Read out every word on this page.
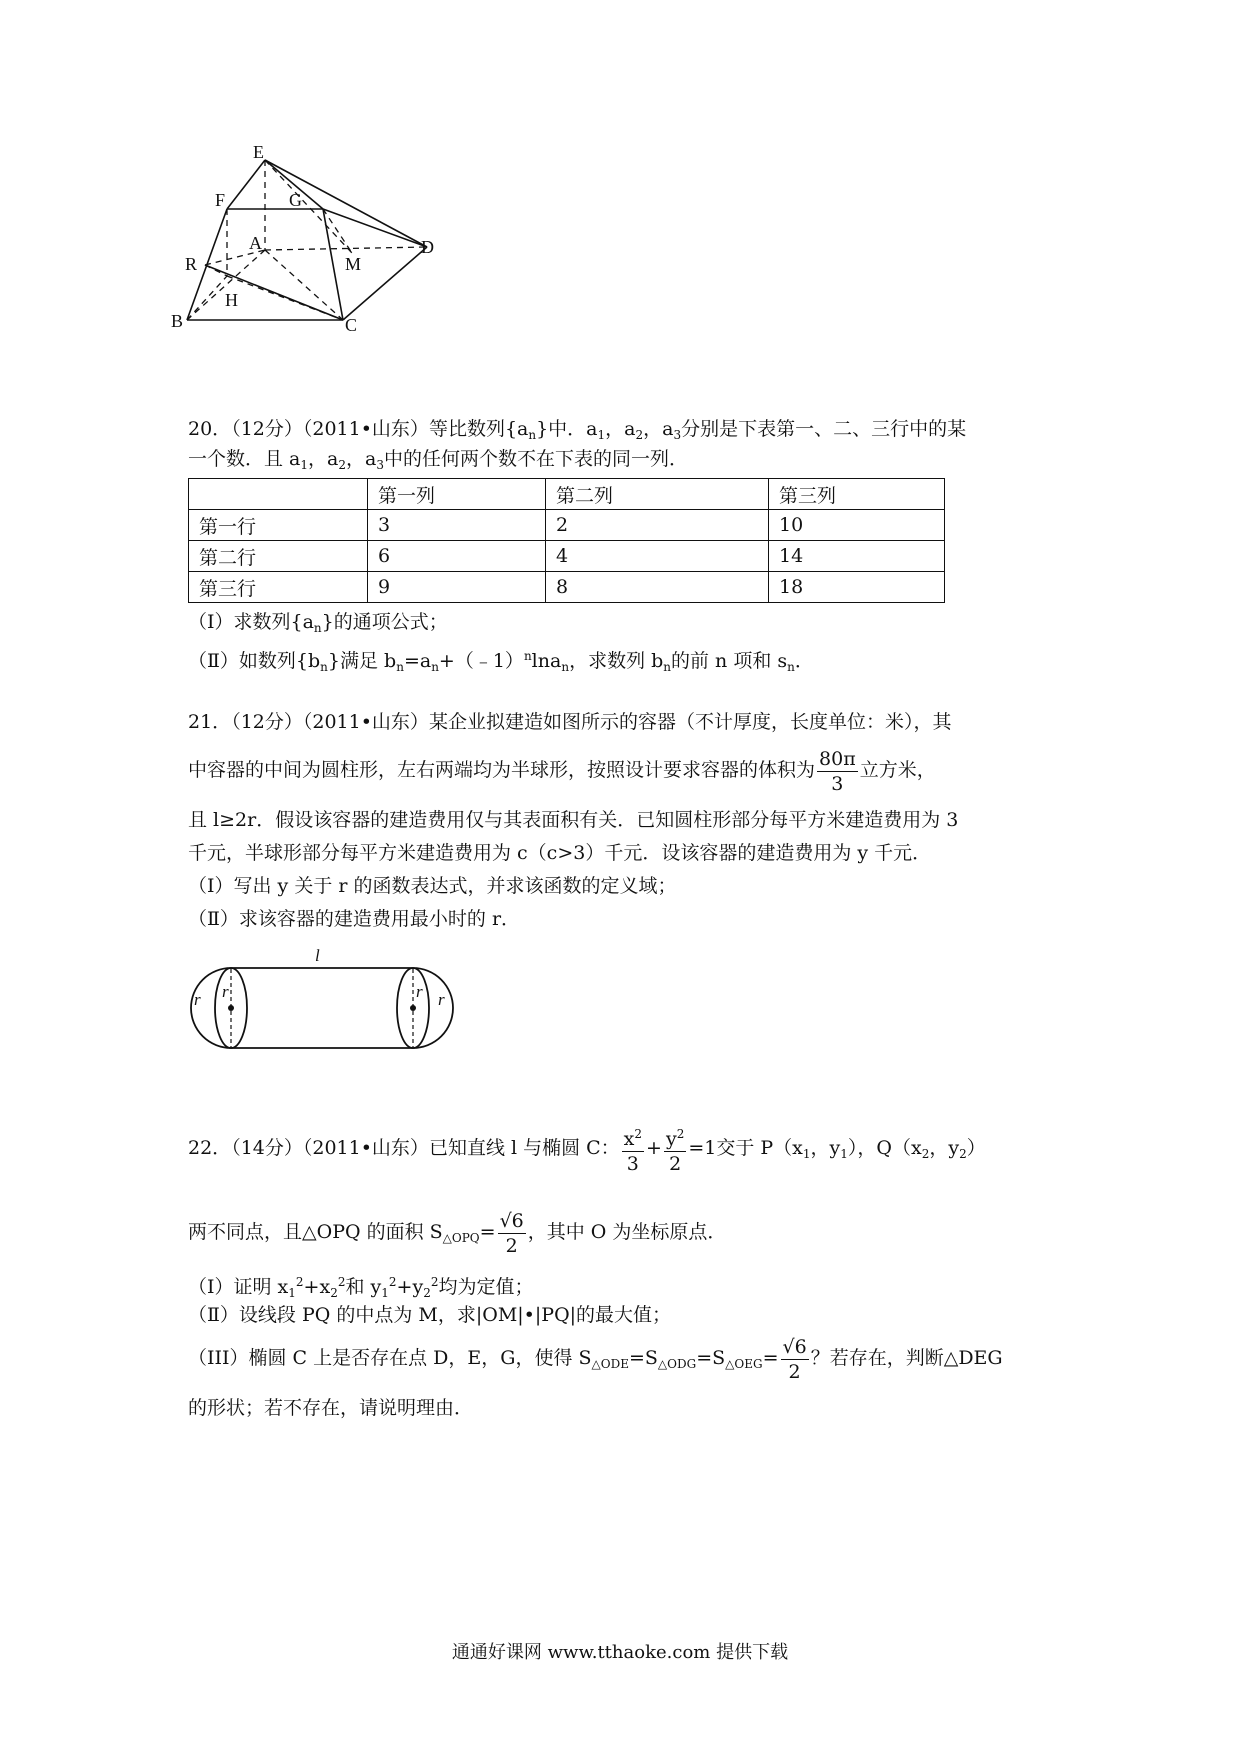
E
F	G
A	D
R	M
H
B	C
20．（12分）（2011•山东）等比数列$\{a_n\}$中．$a_1$，$a_2$，$a_3$分别是下表第一、二、三行中的某
一个数．且 $a_1$，$a_2$，$a_3$中的任何两个数不在下表的同一列．
	第一列	第二列	第三列
第一行	3	2	10
第二行	6	4	14
第三行	9	8	18
（Ⅰ）求数列$\{a_n\}$的通项公式；
（Ⅱ）如数列$\{b_n\}$满足 $b_n=a_n+(﹣1)^n\ln a_n$，求数列 $b_n$的前 n 项和 $s_n$．
21．（12分）（2011•山东）某企业拟建造如图所示的容器（不计厚度，长度单位：米），其
中容器的中间为圆柱形，左右两端均为半球形，按照设计要求容器的体积为 $\frac{80\pi}{3}$ 立方米，
且 l≥2r．假设该容器的建造费用仅与其表面积有关．已知圆柱形部分每平方米建造费用为 3
千元，半球形部分每平方米建造费用为 c（c>3）千元．设该容器的建造费用为 y 千元．
（Ⅰ）写出 y 关于 r 的函数表达式，并求该函数的定义域；
（Ⅱ）求该容器的建造费用最小时的 r．
l
r r	r r
22．（14分）（2011•山东）已知直线 l 与椭圆 C： $\frac{x^2}{3} + \frac{y^2}{2} =1$交于 $P(x_1$，$y_1$），$Q(x_2$，$y_2$）
两不同点，且△OPQ 的面积 $S_{\triangle OPQ}= \frac{√6}{2}$ ，其中 O 为坐标原点．
（Ⅰ）证明 $x_1^2+x_2^2$和 $y_1^2+y_2^2$均为定值；
（Ⅱ）设线段 PQ 的中点为 M，求|OM|•|PQ|的最大值；
（III）椭圆 C 上是否存在点 D，E，G，使得 $S_{\triangle ODE}=S_{\triangle ODG}=S_{\triangle OEG}= \frac{√6}{2}$ ？若存在，判断△DEG
的形状；若不存在，请说明理由．
通通好课网 www.tthaoke.com 提供下载
